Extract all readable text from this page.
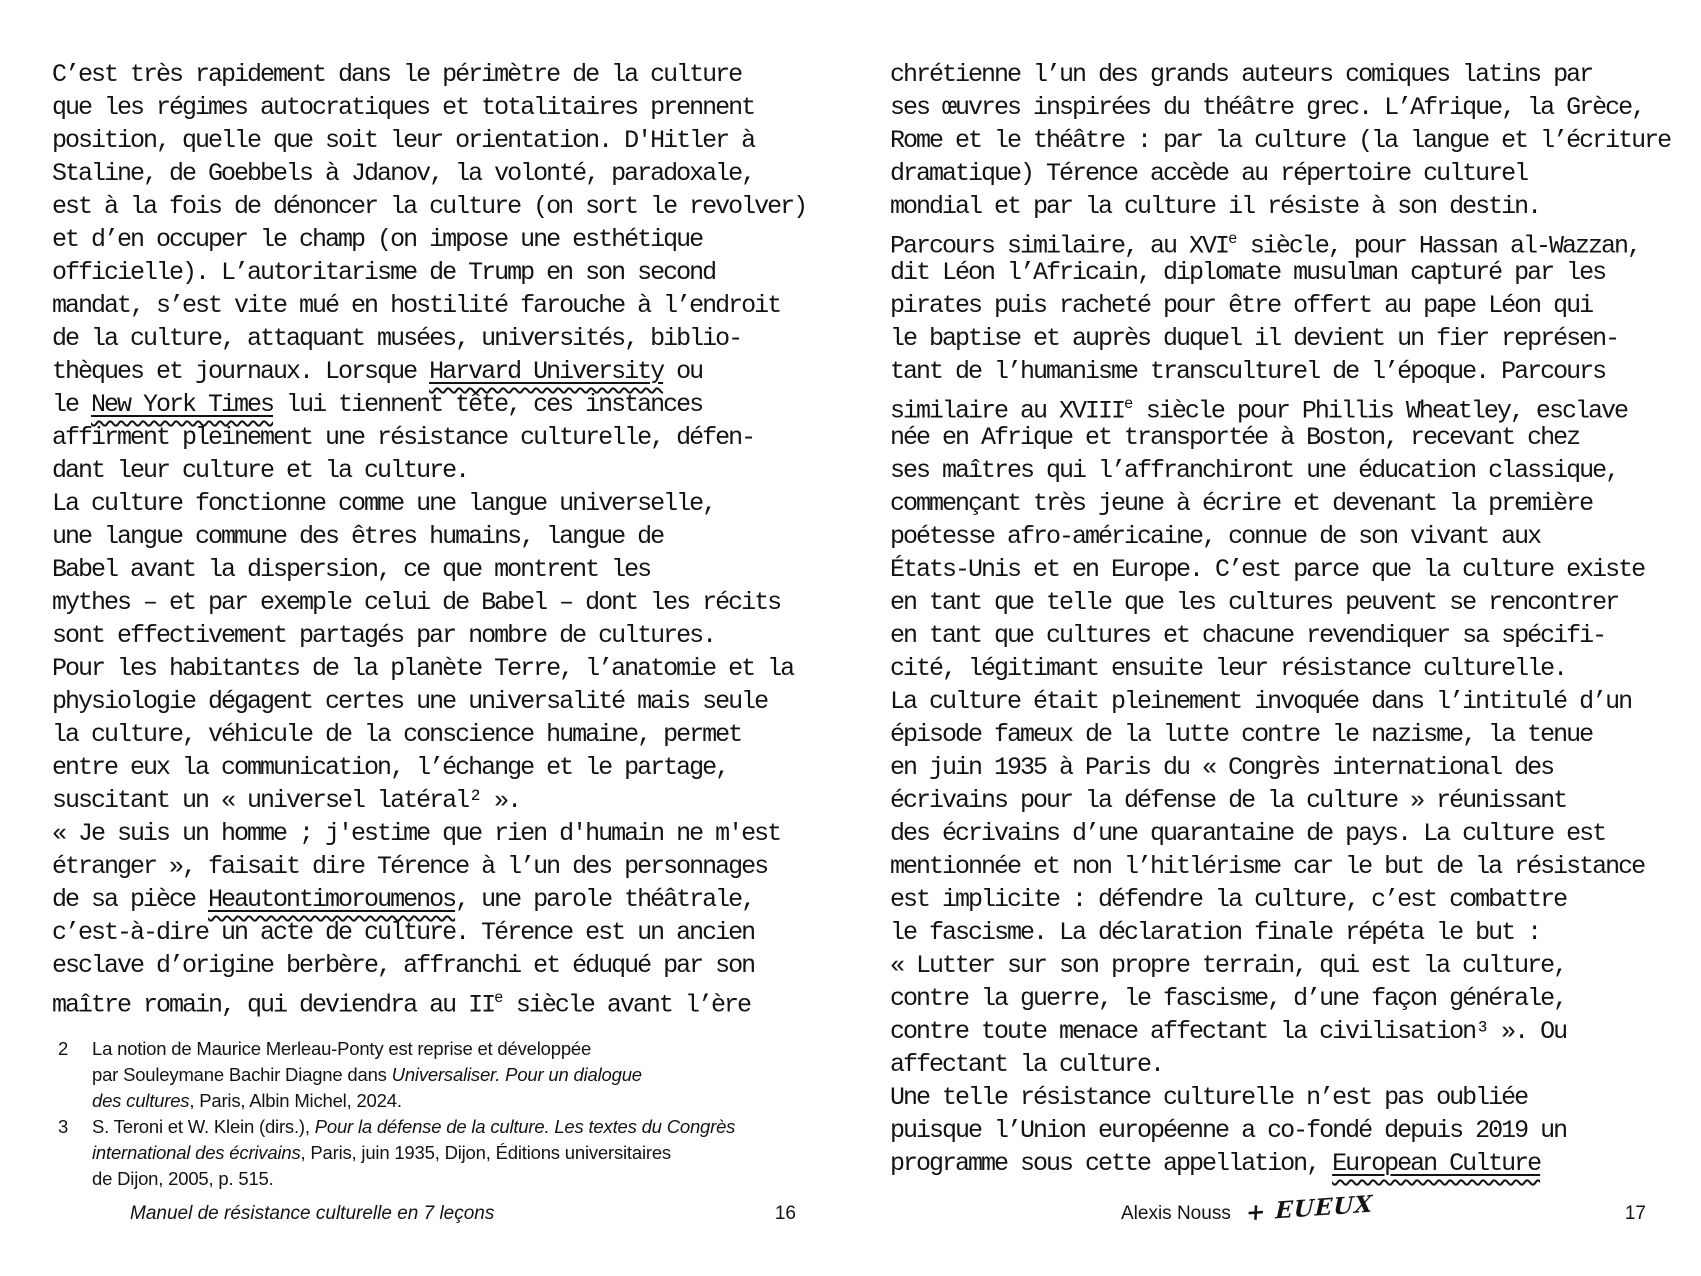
C’est très rapidement dans le périmètre de la culture
que les régimes autocratiques et totalitaires prennent
position, quelle que soit leur orientation. D'Hitler à
Staline, de Goebbels à Jdanov, la volonté, paradoxale,
est à la fois de dénoncer la culture (on sort le revolver)
et d’en occuper le champ (on impose une esthétique
officielle). L’autoritarisme de Trump en son second
mandat, s’est vite mué en hostilité farouche à l’endroit
de la culture, attaquant musées, universités, biblio-
thèques et journaux. Lorsque Harvard University ou
le New York Times lui tiennent tête, ces instances
affirment pleinement une résistance culturelle, défen-
dant leur culture et la culture.
La culture fonctionne comme une langue universelle,
une langue commune des êtres humains, langue de
Babel avant la dispersion, ce que montrent les
mythes – et par exemple celui de Babel – dont les récits
sont effectivement partagés par nombre de cultures.
Pour les habitantεs de la planète Terre, l’anatomie et la
physiologie dégagent certes une universalité mais seule
la culture, véhicule de la conscience humaine, permet
entre eux la communication, l’échange et le partage,
suscitant un « universel latéral² ».
« Je suis un homme ; j'estime que rien d'humain ne m'est
étranger », faisait dire Térence à l’un des personnages
de sa pièce Heautontimoroumenos, une parole théâtrale,
c’est-à-dire un acte de culture. Térence est un ancien
esclave d’origine berbère, affranchi et éduqué par son
maître romain, qui deviendra au IIe siècle avant l’ère
chrétienne l’un des grands auteurs comiques latins par
ses œuvres inspirées du théâtre grec. L’Afrique, la Grèce,
Rome et le théâtre : par la culture (la langue et l’écriture
dramatique) Térence accède au répertoire culturel
mondial et par la culture il résiste à son destin.
Parcours similaire, au XVIe siècle, pour Hassan al-Wazzan,
dit Léon l’Africain, diplomate musulman capturé par les
pirates puis racheté pour être offert au pape Léon qui
le baptise et auprès duquel il devient un fier représen-
tant de l’humanisme transculturel de l’époque. Parcours
similaire au XVIIIe siècle pour Phillis Wheatley, esclave
née en Afrique et transportée à Boston, recevant chez
ses maîtres qui l’affranchiront une éducation classique,
commençant très jeune à écrire et devenant la première
poétesse afro-américaine, connue de son vivant aux
États-Unis et en Europe. C’est parce que la culture existe
en tant que telle que les cultures peuvent se rencontrer
en tant que cultures et chacune revendiquer sa spécifi-
cité, légitimant ensuite leur résistance culturelle.
La culture était pleinement invoquée dans l’intitulé d’un
épisode fameux de la lutte contre le nazisme, la tenue
en juin 1935 à Paris du « Congrès international des
écrivains pour la défense de la culture » réunissant
des écrivains d’une quarantaine de pays. La culture est
mentionnée et non l’hitlérisme car le but de la résistance
est implicite : défendre la culture, c’est combattre
le fascisme. La déclaration finale répéta le but :
« Lutter sur son propre terrain, qui est la culture,
contre la guerre, le fascisme, d’une façon générale,
contre toute menace affectant la civilisation³ ». Ou
affectant la culture.
Une telle résistance culturelle n’est pas oubliée
puisque l’Union européenne a co-fondé depuis 2019 un
programme sous cette appellation, European Culture
2	La notion de Maurice Merleau-Ponty est reprise et développée
par Souleymane Bachir Diagne dans Universaliser. Pour un dialogue
des cultures, Paris, Albin Michel, 2024.
3	S. Teroni et W. Klein (dirs.), Pour la défense de la culture. Les textes du Congrès
international des écrivains, Paris, juin 1935, Dijon, Éditions universitaires
de Dijon, 2005, p. 515.
Manuel de résistance culturelle en 7 leçons	16	Alexis Nouss + EUEUX	17
